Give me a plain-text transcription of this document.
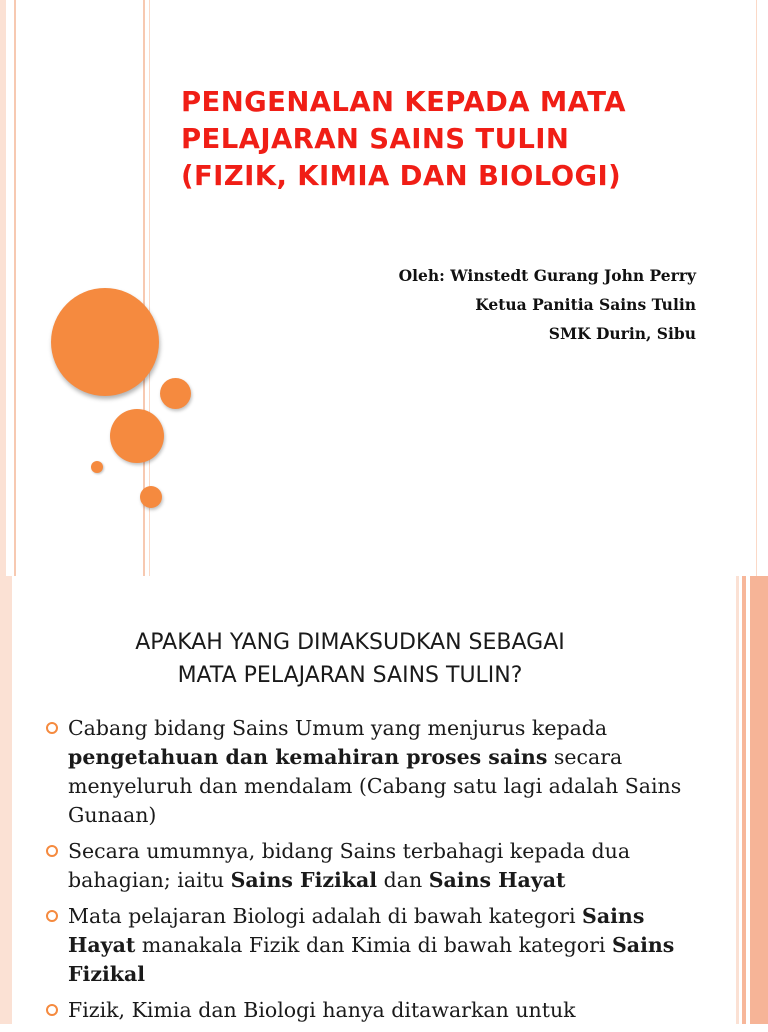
PENGENALAN KEPADA MATA
PELAJARAN SAINS TULIN
(FIZIK, KIMIA DAN BIOLOGI)
Oleh: Winstedt Gurang John Perry
Ketua Panitia Sains Tulin
SMK Durin, Sibu
APAKAH YANG DIMAKSUDKAN SEBAGAI
MATA PELAJARAN SAINS TULIN?
Cabang bidang Sains Umum yang menjurus kepada pengetahuan dan kemahiran proses sains secara menyeluruh dan mendalam (Cabang satu lagi adalah Sains Gunaan)
Secara umumnya, bidang Sains terbahagi kepada dua bahagian; iaitu Sains Fizikal dan Sains Hayat
Mata pelajaran Biologi adalah di bawah kategori Sains Hayat manakala Fizik dan Kimia di bawah kategori Sains Fizikal
Fizik, Kimia dan Biologi hanya ditawarkan untuk
